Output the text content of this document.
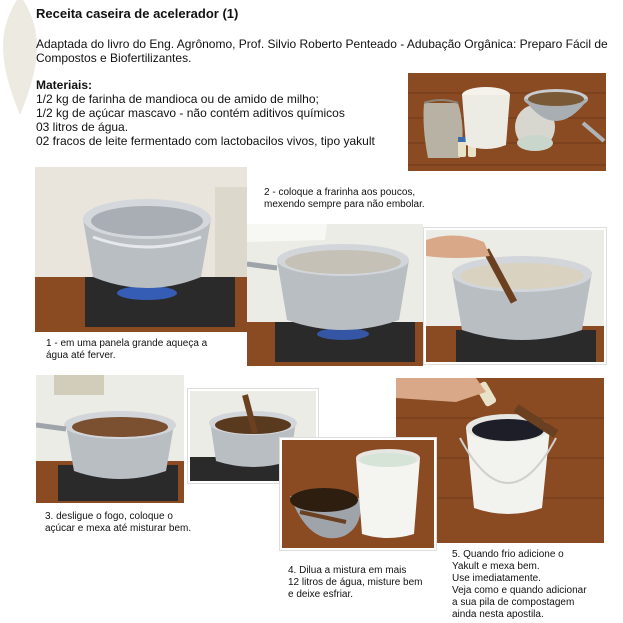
Receita caseira de acelerador (1)
Adaptada do livro do Eng. Agrônomo, Prof. Silvio Roberto Penteado - Adubação Orgânica: Preparo Fácil de Compostos e Biofertilizantes.
Materiais:
1/2 kg de farinha de mandioca ou de amido de milho;
1/2 kg de açúcar mascavo - não contém aditivos químicos
03 litros de água.
02 fracos de leite fermentado com lactobacilos vivos, tipo yakult
2 - coloque a frarinha aos poucos,
mexendo sempre para não embolar.
1 - em uma panela grande aqueça a
água até ferver.
3. desligue o fogo, coloque o
açúcar e mexa até misturar bem.
5. Quando frio adicione o
Yakult e mexa bem.
Use imediatamente.
Veja como e quando adicionar
a sua pila de compostagem
ainda nesta apostila.
4. Dilua a mistura em mais
12 litros de água, misture bem
e deixe esfriar.
